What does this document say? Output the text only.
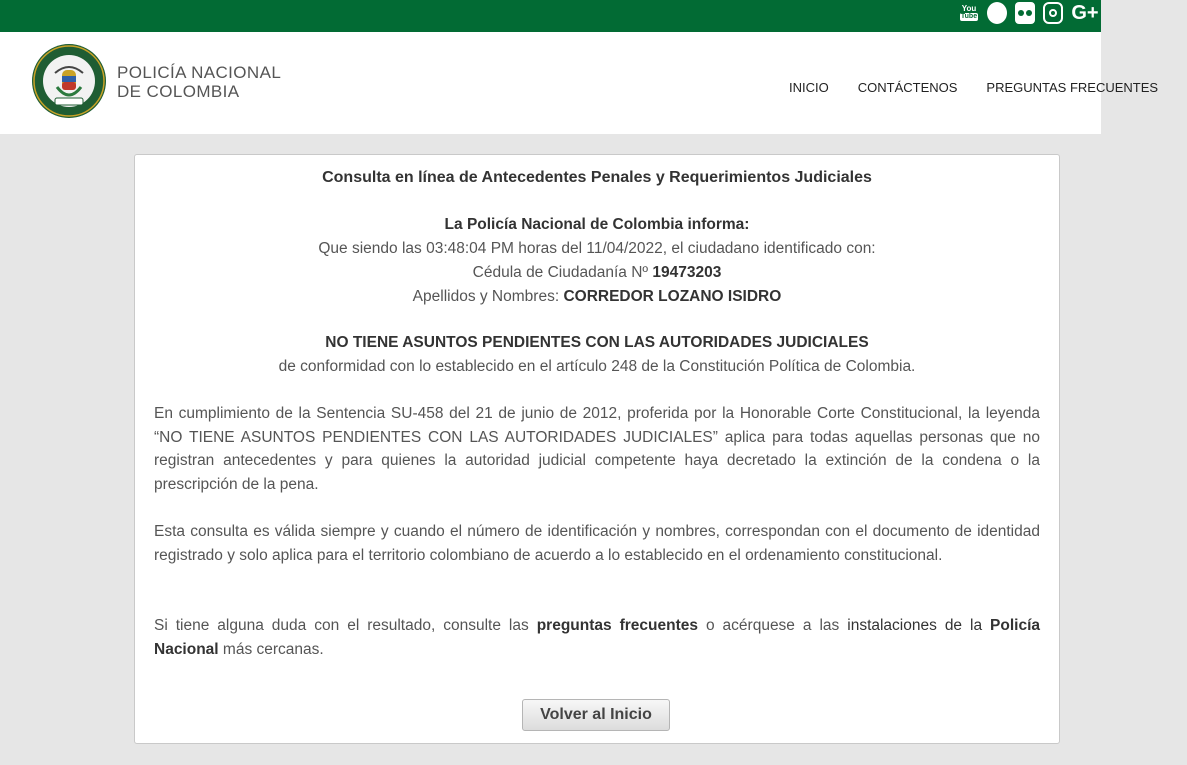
You
Tube P	G+
POLICÍA NACIONAL
DE COLOMBIA	INICIO CONTÁCTENOS PREGUNTAS FRECUENTES
Consulta en línea de Antecedentes Penales y Requerimientos Judiciales
La Policía Nacional de Colombia informa:
Que siendo las 03:48:04 PM horas del 11/04/2022, el ciudadano identificado con:
Cédula de Ciudadanía Nº 19473203
Apellidos y Nombres: CORREDOR LOZANO ISIDRO
NO TIENE ASUNTOS PENDIENTES CON LAS AUTORIDADES JUDICIALES
de conformidad con lo establecido en el artículo 248 de la Constitución Política de Colombia.
En cumplimiento de la Sentencia SU-458 del 21 de junio de 2012, proferida por la Honorable Corte Constitucional, la leyenda “NO TIENE ASUNTOS PENDIENTES CON LAS AUTORIDADES JUDICIALES” aplica para todas aquellas personas que no registran antecedentes y para quienes la autoridad judicial competente haya decretado la extinción de la condena o la prescripción de la pena.
Esta consulta es válida siempre y cuando el número de identificación y nombres, correspondan con el documento de identidad registrado y solo aplica para el territorio colombiano de acuerdo a lo establecido en el ordenamiento constitucional.
Si tiene alguna duda con el resultado, consulte las preguntas frecuentes o acérquese a las instalaciones de la Policía Nacional más cercanas.
Volver al Inicio
